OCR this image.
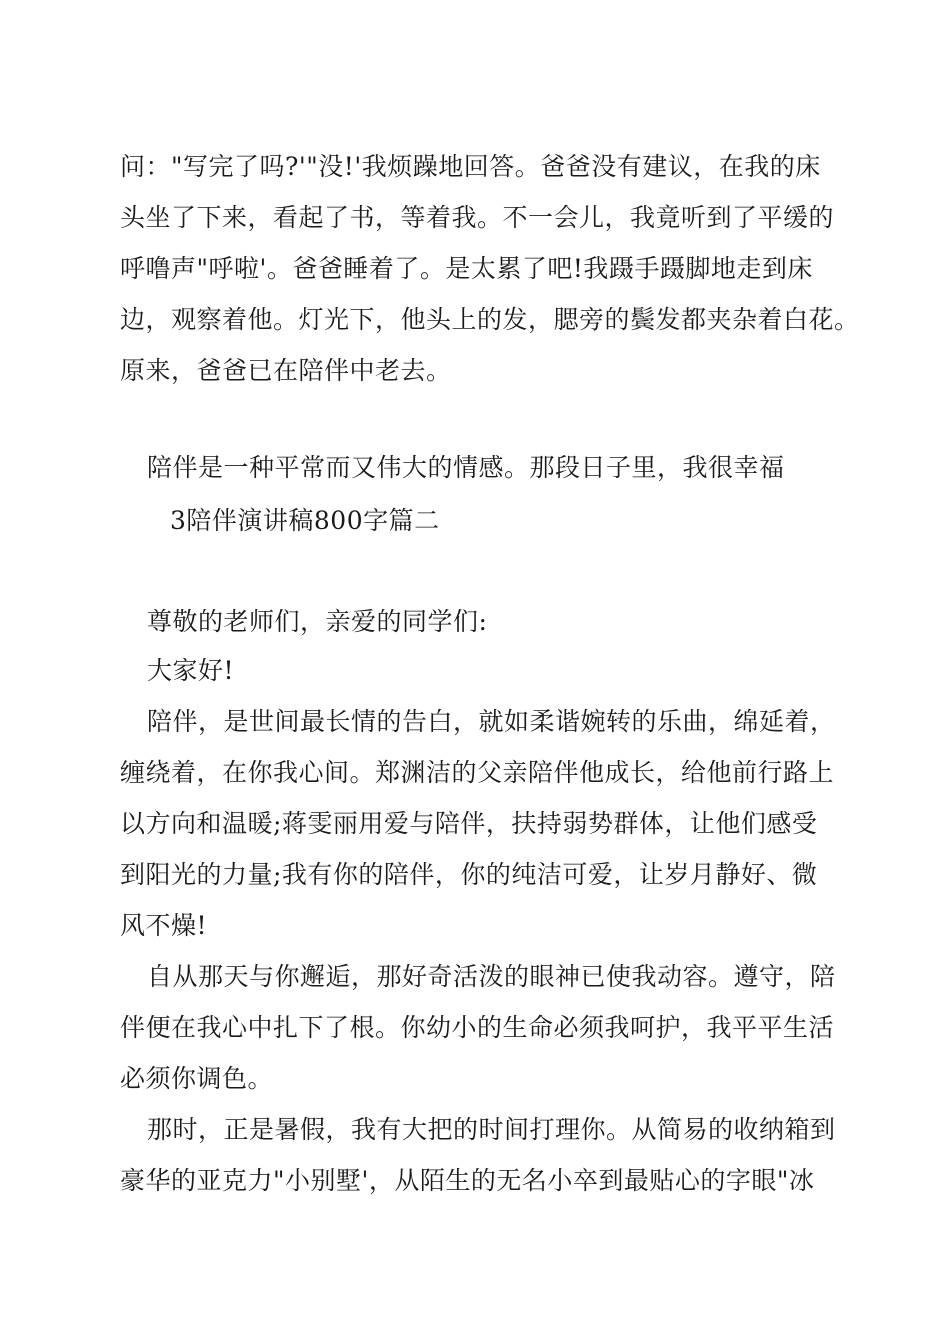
问："写完了吗?'"没!'我烦躁地回答。爸爸没有建议，在我的床
头坐了下来，看起了书，等着我。不一会儿，我竟听到了平缓的
呼噜声"呼啦'。爸爸睡着了。是太累了吧!我蹑手蹑脚地走到床
边，观察着他。灯光下，他头上的发，腮旁的鬓发都夹杂着白花。
原来，爸爸已在陪伴中老去。
陪伴是一种平常而又伟大的情感。那段日子里，我很幸福
3陪伴演讲稿800字篇二
尊敬的老师们，亲爱的同学们:
大家好!
陪伴，是世间最长情的告白，就如柔谐婉转的乐曲，绵延着，
缠绕着，在你我心间。郑渊洁的父亲陪伴他成长，给他前行路上
以方向和温暖;蒋雯丽用爱与陪伴，扶持弱势群体，让他们感受
到阳光的力量;我有你的陪伴，你的纯洁可爱，让岁月静好、微
风不燥!
自从那天与你邂逅，那好奇活泼的眼神已使我动容。遵守，陪
伴便在我心中扎下了根。你幼小的生命必须我呵护，我平平生活
必须你调色。
那时，正是暑假，我有大把的时间打理你。从简易的收纳箱到
豪华的亚克力"小别墅'，从陌生的无名小卒到最贴心的字眼"冰
